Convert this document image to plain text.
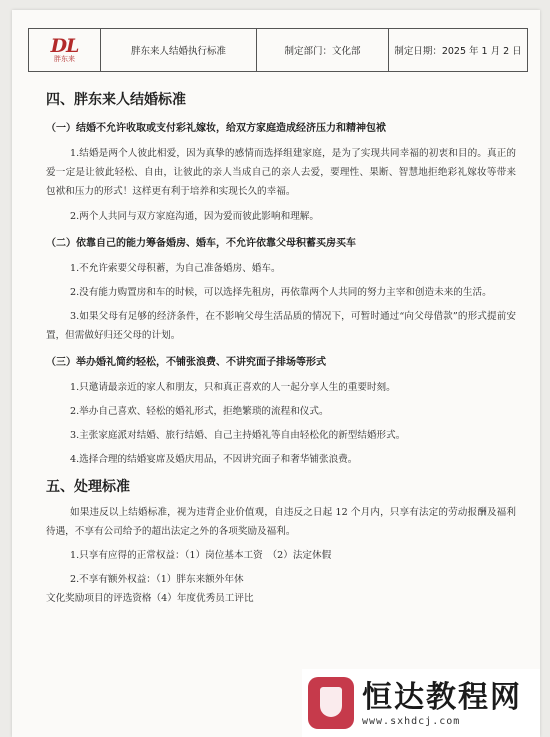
DL
胖东来
胖东来人结婚执行标准	制定部门：文化部	制定日期：2025 年 1 月 2 日
四、胖东来人结婚标准
（一）结婚不允许收取或支付彩礼嫁妆，给双方家庭造成经济压力和精神包袱

1.结婚是两个人彼此相爱，因为真挚的感情而选择组建家庭，是为了实现共同幸福的初衷和目的。真正的爱一定是让彼此轻松、自由，让彼此的亲人当成自己的亲人去爱，要理性、果断、智慧地拒绝彩礼嫁妆等带来包袱和压力的形式！这样更有利于培养和实现长久的幸福。

2.两个人共同与双方家庭沟通，因为爱而彼此影响和理解。

（二）依靠自己的能力筹备婚房、婚车，不允许依靠父母积蓄买房买车

1.不允许索要父母积蓄，为自己准备婚房、婚车。

2.没有能力购置房和车的时候，可以选择先租房，再依靠两个人共同的努力主宰和创造未来的生活。

3.如果父母有足够的经济条件，在不影响父母生活品质的情况下，可暂时通过“向父母借款”的形式提前安置，但需做好归还父母的计划。

（三）举办婚礼简约轻松，不铺张浪费、不讲究面子排场等形式

1.只邀请最亲近的家人和朋友，只和真正喜欢的人一起分享人生的重要时刻。

2.举办自己喜欢、轻松的婚礼形式，拒绝繁琐的流程和仪式。

3.主张家庭派对结婚、旅行结婚、自己主持婚礼等自由轻松化的新型结婚形式。

4.选择合理的结婚宴席及婚庆用品，不因讲究面子和奢华铺张浪费。

五、处理标准

如果违反以上结婚标准，视为违背企业价值观，自违反之日起 12 个月内，只享有法定的劳动报酬及福利待遇，不享有公司给予的超出法定之外的各项奖励及福利。

1.只享有应得的正常权益：（1）岗位基本工资　（2）法定休假

2.不享有额外权益：（1）胖东来额外年休

文化奖励项目的评选资格（4）年度优秀员工评比

恒达教程网
www.sxhdcj.com
